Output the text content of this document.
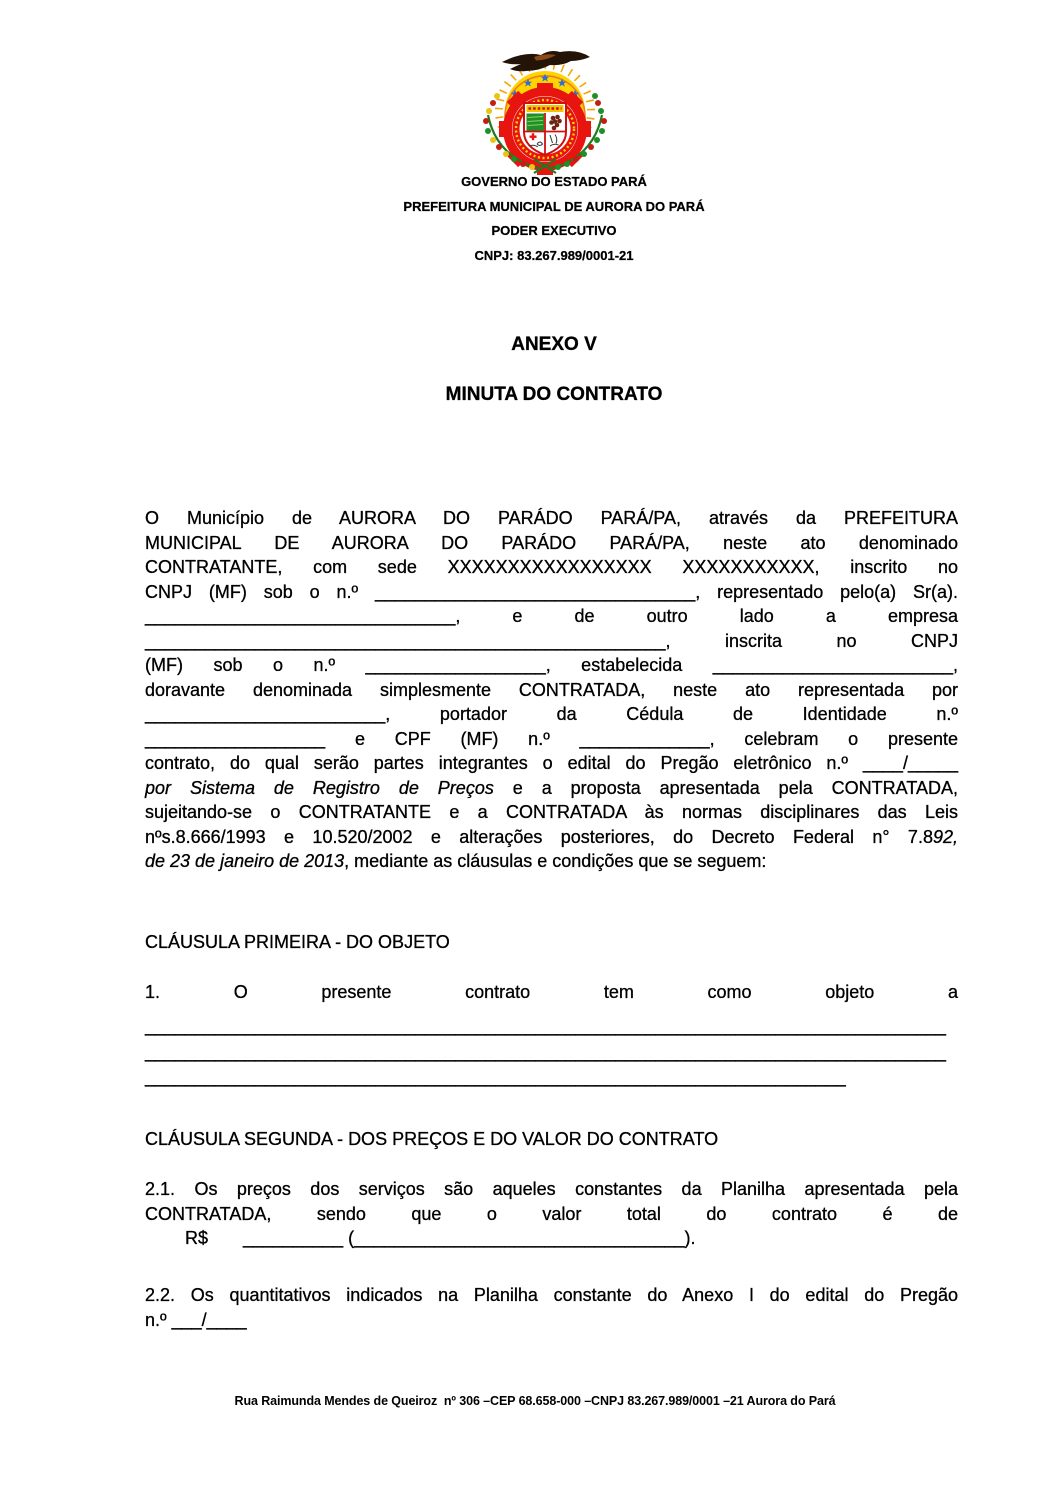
GOVERNO DO ESTADO PARÁ
PREFEITURA MUNICIPAL DE AURORA DO PARÁ
PODER EXECUTIVO
CNPJ: 83.267.989/0001-21
ANEXO V
MINUTA DO CONTRATO
O Município de AURORA DO PARÁDO PARÁ/PA, através da PREFEITURA
MUNICIPAL DE AURORA DO PARÁDO PARÁ/PA, neste ato denominado
CONTRATANTE, com sede XXXXXXXXXXXXXXXXX XXXXXXXXXXX, inscrito no
CNPJ (MF) sob o n.º ________________________________, representado pelo(a) Sr(a).
_______________________________, e de outro lado a empresa
____________________________________________________, inscrita no CNPJ
(MF) sob o n.º __________________, estabelecida ________________________,
doravante denominada simplesmente CONTRATADA, neste ato representada por
________________________, portador da Cédula de Identidade n.º
__________________ e CPF (MF) n.º _____________, celebram o presente
contrato, do qual serão partes integrantes o edital do Pregão eletrônico n.º ____/_____
por Sistema de Registro de Preços e a proposta apresentada pela CONTRATADA,
sujeitando-se o CONTRATANTE e a CONTRATADA às normas disciplinares das Leis
nºs.8.666/1993 e 10.520/2002 e alterações posteriores, do Decreto Federal n° 7.892,
de 23 de janeiro de 2013, mediante as cláusulas e condições que se seguem:
CLÁUSULA PRIMEIRA - DO OBJETO
1. O presente contrato tem como objeto a
________________________________________________________________________________
________________________________________________________________________________
______________________________________________________________________
CLÁUSULA SEGUNDA - DOS PREÇOS E DO VALOR DO CONTRATO
2.1. Os preços dos serviços são aqueles constantes da Planilha apresentada pela
CONTRATADA, sendo que o valor total do contrato é de
R$       __________ (_________________________________).
2.2. Os quantitativos indicados na Planilha constante do Anexo I do edital do Pregão
n.º ___/____
Rua Raimunda Mendes de Queiroz  nº 306 –CEP 68.658-000 –CNPJ 83.267.989/0001 –21 Aurora do Pará
